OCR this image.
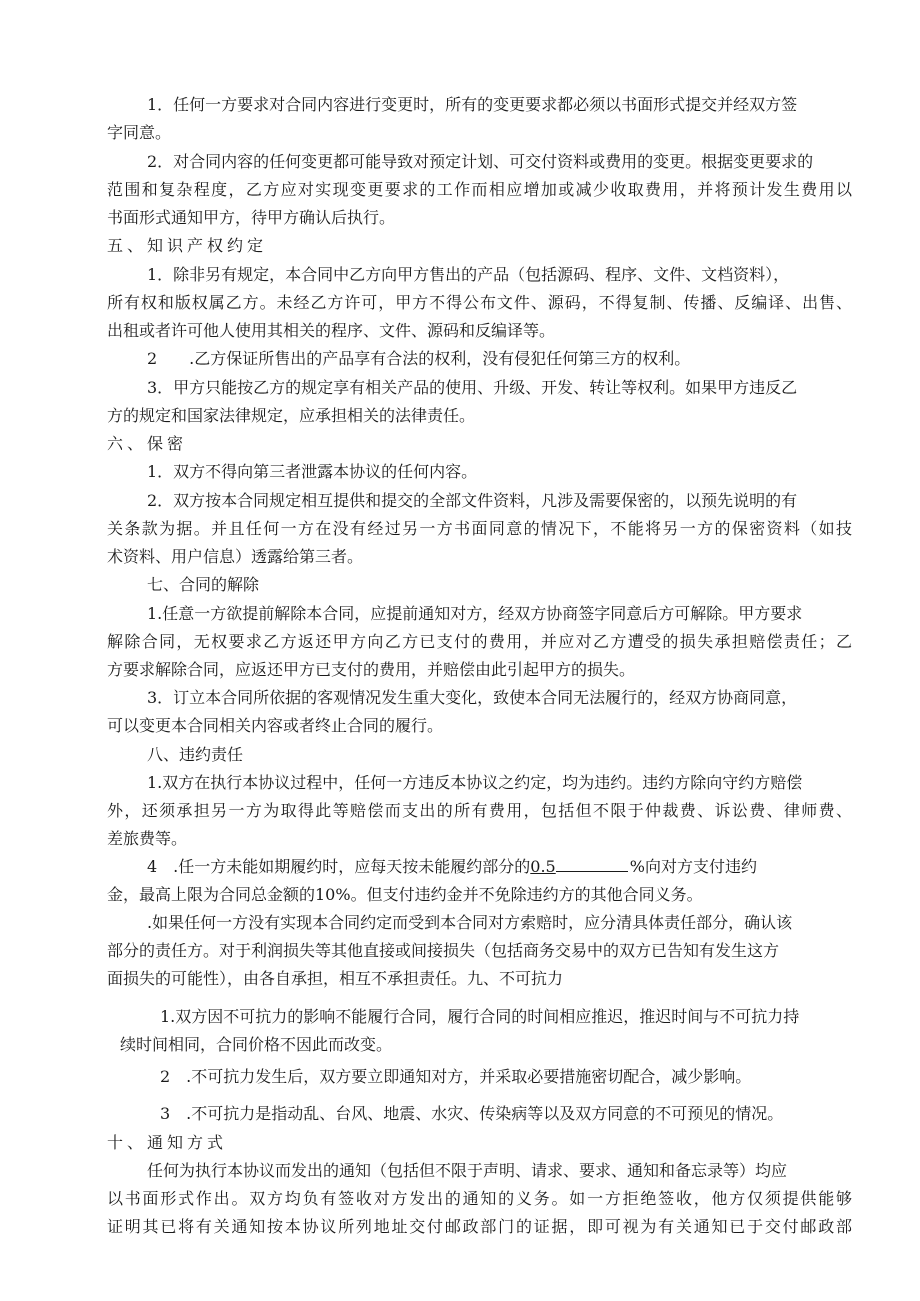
1．任何一方要求对合同内容进行变更时，所有的变更要求都必须以书面形式提交并经双方签
字同意。
2．对合同内容的任何变更都可能导致对预定计划、可交付资料或费用的变更。根据变更要求的
范围和复杂程度，乙方应对实现变更要求的工作而相应增加或减少收取费用，并将预计发生费用以
书面形式通知甲方，待甲方确认后执行。
五、知识产权约定
1．除非另有规定，本合同中乙方向甲方售出的产品（包括源码、程序、文件、文档资料），
所有权和版权属乙方。未经乙方许可，甲方不得公布文件、源码，不得复制、传播、反编译、出售、
出租或者许可他人使用其相关的程序、文件、源码和反编译等。
2　　.乙方保证所售出的产品享有合法的权利，没有侵犯任何第三方的权利。
3．甲方只能按乙方的规定享有相关产品的使用、升级、开发、转让等权利。如果甲方违反乙
方的规定和国家法律规定，应承担相关的法律责任。
六、保密
1．双方不得向第三者泄露本协议的任何内容。
2．双方按本合同规定相互提供和提交的全部文件资料，凡涉及需要保密的，以预先说明的有
关条款为据。并且任何一方在没有经过另一方书面同意的情况下，不能将另一方的保密资料（如技
术资料、用户信息）透露给第三者。
七、合同的解除
1.任意一方欲提前解除本合同，应提前通知对方，经双方协商签字同意后方可解除。甲方要求
解除合同，无权要求乙方返还甲方向乙方已支付的费用，并应对乙方遭受的损失承担赔偿责任；乙
方要求解除合同，应返还甲方已支付的费用，并赔偿由此引起甲方的损失。
3．订立本合同所依据的客观情况发生重大变化，致使本合同无法履行的，经双方协商同意，
可以变更本合同相关内容或者终止合同的履行。
八、违约责任
1.双方在执行本协议过程中，任何一方违反本协议之约定，均为违约。违约方除向守约方赔偿
外，还须承担另一方为取得此等赔偿而支出的所有费用，包括但不限于仲裁费、诉讼费、律师费、
差旅费等。
4　.任一方未能如期履约时，应每天按未能履约部分的0.5	%向对方支付违约
金，最高上限为合同总金额的10%。但支付违约金并不免除违约方的其他合同义务。
.如果任何一方没有实现本合同约定而受到本合同对方索赔时，应分清具体责任部分，确认该
部分的责任方。对于利润损失等其他直接或间接损失（包括商务交易中的双方已告知有发生这方
面损失的可能性），由各自承担，相互不承担责任。九、不可抗力
1.双方因不可抗力的影响不能履行合同，履行合同的时间相应推迟，推迟时间与不可抗力持
续时间相同，合同价格不因此而改变。
2　.不可抗力发生后，双方要立即通知对方，并采取必要措施密切配合，减少影响。
3　.不可抗力是指动乱、台风、地震、水灾、传染病等以及双方同意的不可预见的情况。
十、通知方式
任何为执行本协议而发出的通知（包括但不限于声明、请求、要求、通知和备忘录等）均应
以书面形式作出。双方均负有签收对方发出的通知的义务。如一方拒绝签收，他方仅须提供能够
证明其已将有关通知按本协议所列地址交付邮政部门的证据，即可视为有关通知已于交付邮政部
